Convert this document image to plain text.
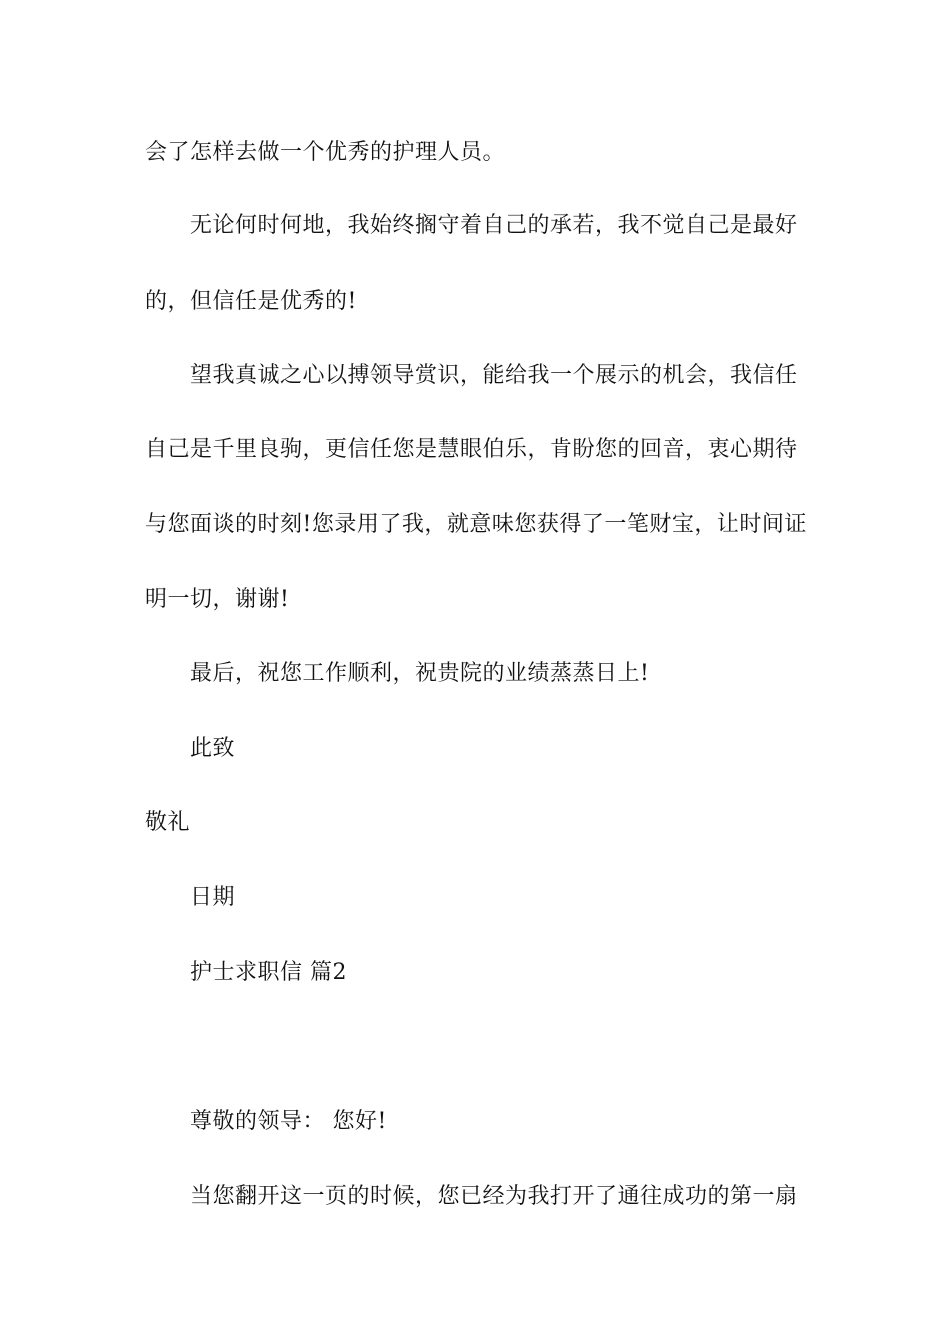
会了怎样去做一个优秀的护理人员。
无论何时何地，我始终搁守着自己的承若，我不觉自己是最好
的，但信任是优秀的!
望我真诚之心以搏领导赏识，能给我一个展示的机会，我信任
自己是千里良驹，更信任您是慧眼伯乐，肯盼您的回音，衷心期待
与您面谈的时刻!您录用了我，就意味您获得了一笔财宝，让时间证
明一切，谢谢!
最后，祝您工作顺利，祝贵院的业绩蒸蒸日上!
此致
敬礼
日期
护士求职信 篇2
尊敬的领导： 您好!
当您翻开这一页的时候，您已经为我打开了通往成功的第一扇
